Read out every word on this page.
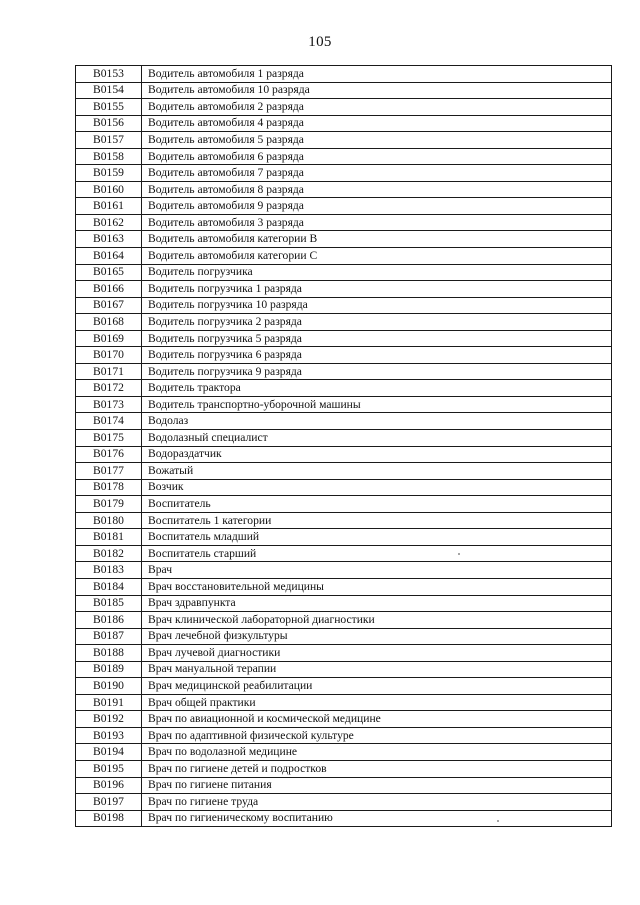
105
B0153	Водитель автомобиля 1 разряда
B0154	Водитель автомобиля 10 разряда
B0155	Водитель автомобиля 2 разряда
B0156	Водитель автомобиля 4 разряда
B0157	Водитель автомобиля 5 разряда
B0158	Водитель автомобиля 6 разряда
B0159	Водитель автомобиля 7 разряда
B0160	Водитель автомобиля 8 разряда
B0161	Водитель автомобиля 9 разряда
B0162	Водитель автомобиля 3 разряда
B0163	Водитель автомобиля категории B
B0164	Водитель автомобиля категории C
B0165	Водитель погрузчика
B0166	Водитель погрузчика 1 разряда
B0167	Водитель погрузчика 10 разряда
B0168	Водитель погрузчика 2 разряда
B0169	Водитель погрузчика 5 разряда
B0170	Водитель погрузчика 6 разряда
B0171	Водитель погрузчика 9 разряда
B0172	Водитель трактора
B0173	Водитель транспортно-уборочной машины
B0174	Водолаз
B0175	Водолазный специалист
B0176	Водораздатчик
B0177	Вожатый
B0178	Возчик
B0179	Воспитатель
B0180	Воспитатель 1 категории
B0181	Воспитатель младший
B0182	Воспитатель старший
B0183	Врач
B0184	Врач восстановительной медицины
B0185	Врач здравпункта
B0186	Врач клинической лабораторной диагностики
B0187	Врач лечебной физкультуры
B0188	Врач лучевой диагностики
B0189	Врач мануальной терапии
B0190	Врач медицинской реабилитации
B0191	Врач общей практики
B0192	Врач по авиационной и космической медицине
B0193	Врач по адаптивной физической культуре
B0194	Врач по водолазной медицине
B0195	Врач по гигиене детей и подростков
B0196	Врач по гигиене питания
B0197	Врач по гигиене труда
B0198	Врач по гигиеническому воспитанию
